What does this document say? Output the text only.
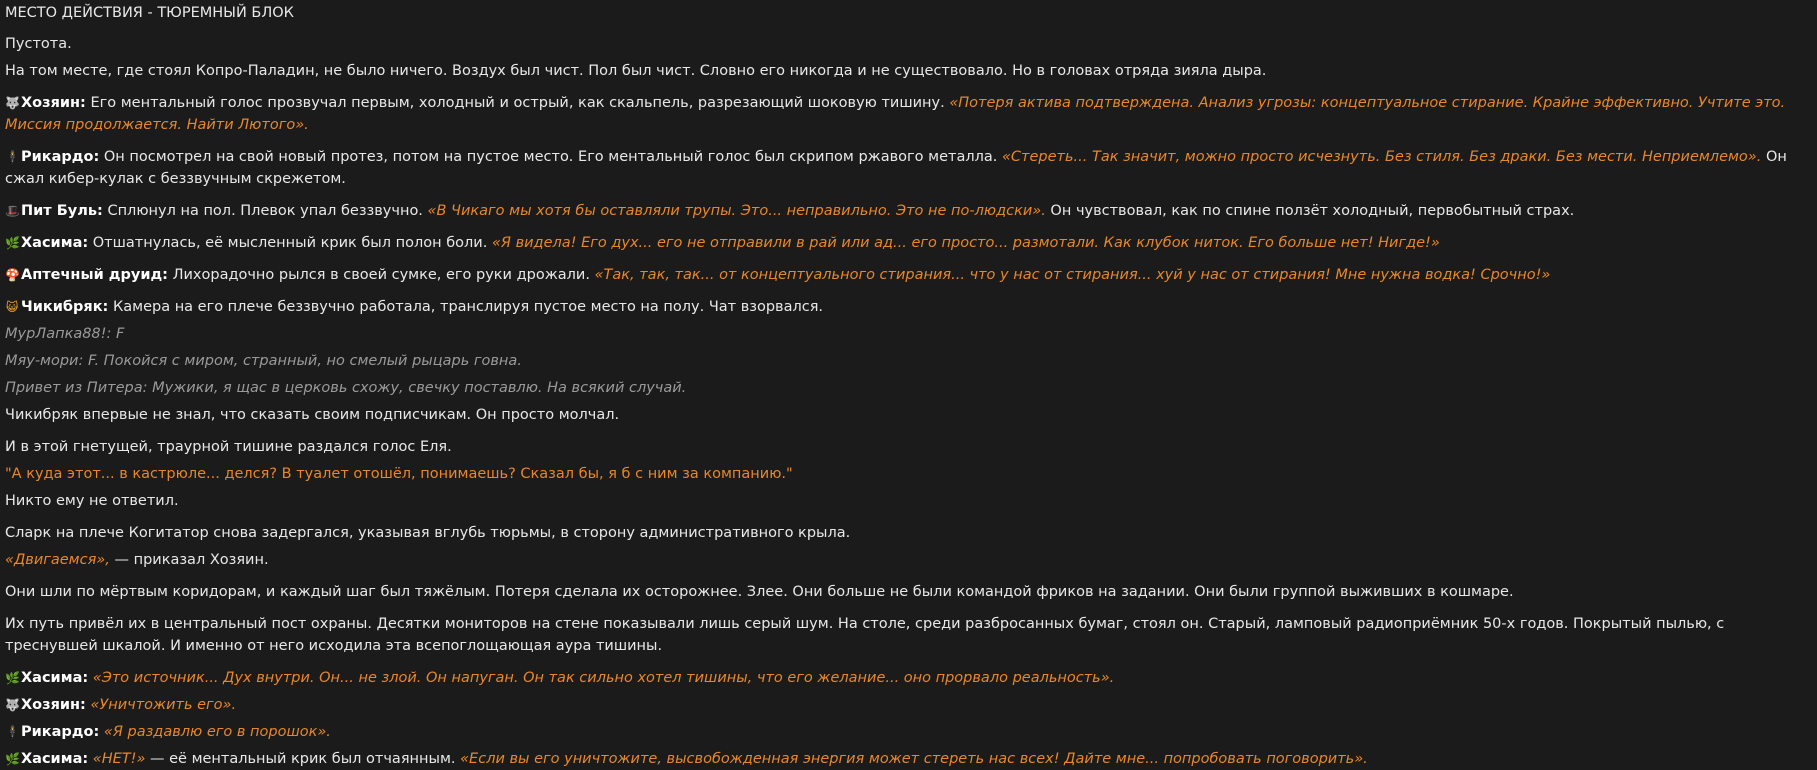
МЕСТО ДЕЙСТВИЯ - ТЮРЕМНЫЙ БЛОК

Пустота.

На том месте, где стоял Копро-Паладин, не было ничего. Воздух был чист. Пол был чист. Словно его никогда и не существовало. Но в головах отряда зияла дыра.

🐺Хозяин: Его ментальный голос прозвучал первым, холодный и острый, как скальпель, разрезающий шоковую тишину. «Потеря актива подтверждена. Анализ угрозы: концептуальное стирание. Крайне эффективно. Учтите это. Миссия продолжается. Найти Лютого».

🕴Рикардо: Он посмотрел на свой новый протез, потом на пустое место. Его ментальный голос был скрипом ржавого металла. «Стереть... Так значит, можно просто исчезнуть. Без стиля. Без драки. Без мести. Неприемлемо». Он сжал кибер-кулак с беззвучным скрежетом.

🎩Пит Буль: Сплюнул на пол. Плевок упал беззвучно. «В Чикаго мы хотя бы оставляли трупы. Это... неправильно. Это не по-людски». Он чувствовал, как по спине ползёт холодный, первобытный страх.

🌿Хасима: Отшатнулась, её мысленный крик был полон боли. «Я видела! Его дух... его не отправили в рай или ад... его просто... размотали. Как клубок ниток. Его больше нет! Нигде!»

🍄Аптечный друид: Лихорадочно рылся в своей сумке, его руки дрожали. «Так, так, так... от концептуального стирания... что у нас от стирания... хуй у нас от стирания! Мне нужна водка! Срочно!»

😺 Чикибряк: Камера на его плече беззвучно работала, транслируя пустое место на полу. Чат взорвался.

МурЛапка88!: F

Мяу-мори: F. Покойся с миром, странный, но смелый рыцарь говна.

Привет из Питера: Мужики, я щас в церковь схожу, свечку поставлю. На всякий случай.

Чикибряк впервые не знал, что сказать своим подписчикам. Он просто молчал.

И в этой гнетущей, траурной тишине раздался голос Еля.

"А куда этот... в кастрюле... делся? В туалет отошёл, понимаешь? Сказал бы, я б с ним за компанию."

Никто ему не ответил.

Сларк на плече Когитатор снова задергался, указывая вглубь тюрьмы, в сторону административного крыла.

«Двигаемся», — приказал Хозяин.

Они шли по мёртвым коридорам, и каждый шаг был тяжёлым. Потеря сделала их осторожнее. Злее. Они больше не были командой фриков на задании. Они были группой выживших в кошмаре.

Их путь привёл их в центральный пост охраны. Десятки мониторов на стене показывали лишь серый шум. На столе, среди разбросанных бумаг, стоял он. Старый, ламповый радиоприёмник 50-х годов. Покрытый пылью, с треснувшей шкалой. И именно от него исходила эта всепоглощающая аура тишины.

🌿Хасима: «Это источник... Дух внутри. Он... не злой. Он напуган. Он так сильно хотел тишины, что его желание... оно прорвало реальность».

🐺Хозяин: «Уничтожить его».

🕴Рикардо: «Я раздавлю его в порошок».

🌿Хасима: «НЕТ!» — её ментальный крик был отчаянным. «Если вы его уничтожите, высвобожденная энергия может стереть нас всех! Дайте мне... попробовать поговорить».
